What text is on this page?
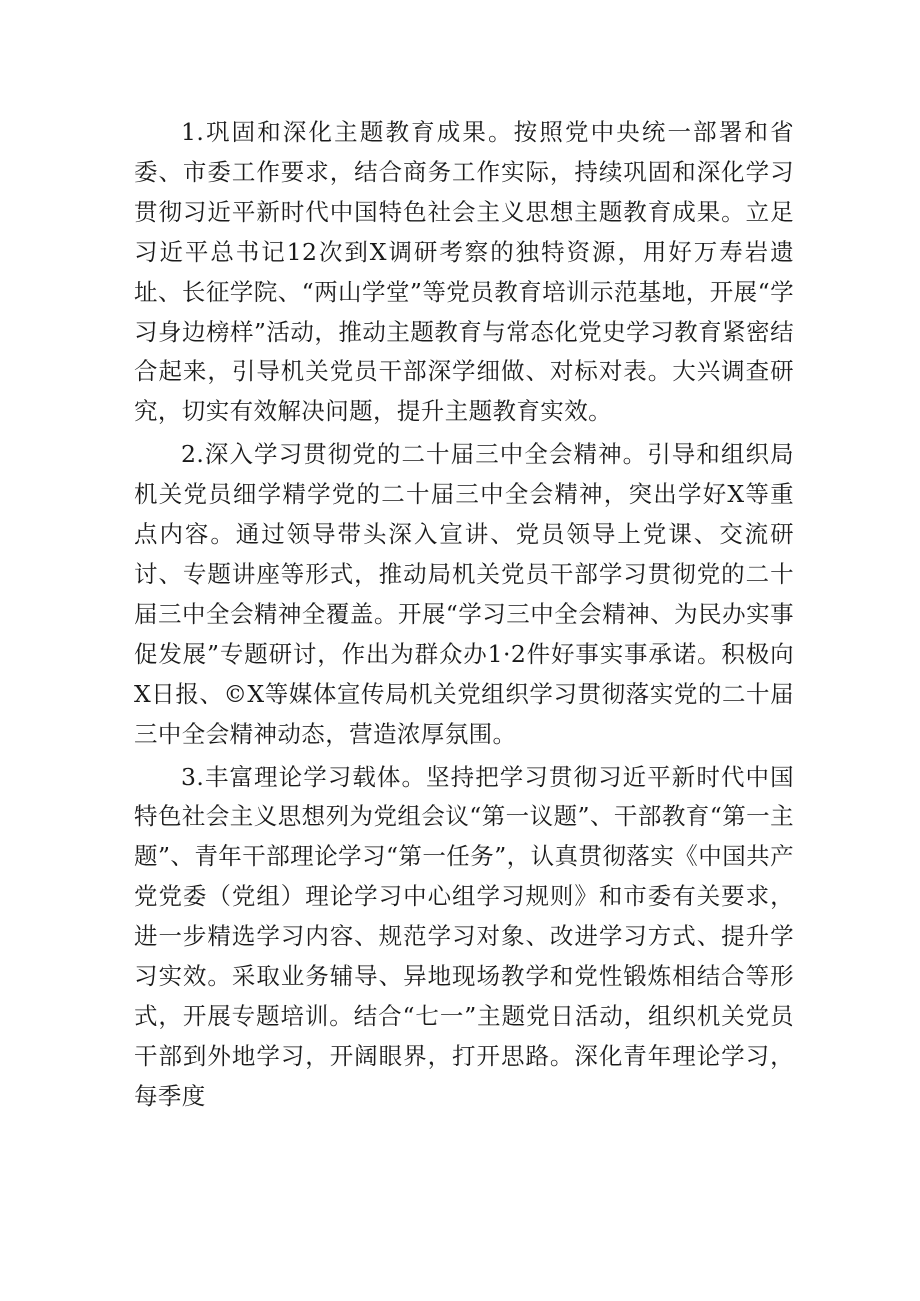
1.巩固和深化主题教育成果。按照党中央统一部署和省委、市委工作要求，结合商务工作实际，持续巩固和深化学习贯彻习近平新时代中国特色社会主义思想主题教育成果。立足习近平总书记12次到X调研考察的独特资源，用好万寿岩遗址、长征学院、“两山学堂”等党员教育培训示范基地，开展“学习身边榜样”活动，推动主题教育与常态化党史学习教育紧密结合起来，引导机关党员干部深学细做、对标对表。大兴调查研究，切实有效解决问题，提升主题教育实效。

2.深入学习贯彻党的二十届三中全会精神。引导和组织局机关党员细学精学党的二十届三中全会精神，突出学好X等重点内容。通过领导带头深入宣讲、党员领导上党课、交流研讨、专题讲座等形式，推动局机关党员干部学习贯彻党的二十届三中全会精神全覆盖。开展“学习三中全会精神、为民办实事促发展”专题研讨，作出为群众办1·2件好事实事承诺。积极向X日报、©X等媒体宣传局机关党组织学习贯彻落实党的二十届三中全会精神动态，营造浓厚氛围。

3.丰富理论学习载体。坚持把学习贯彻习近平新时代中国特色社会主义思想列为党组会议“第一议题”、干部教育“第一主题”、青年干部理论学习“第一任务”，认真贯彻落实《中国共产党党委（党组）理论学习中心组学习规则》和市委有关要求，进一步精选学习内容、规范学习对象、改进学习方式、提升学习实效。采取业务辅导、异地现场教学和党性锻炼相结合等形式，开展专题培训。结合“七一”主题党日活动，组织机关党员干部到外地学习，开阔眼界，打开思路。深化青年理论学习，每季度
